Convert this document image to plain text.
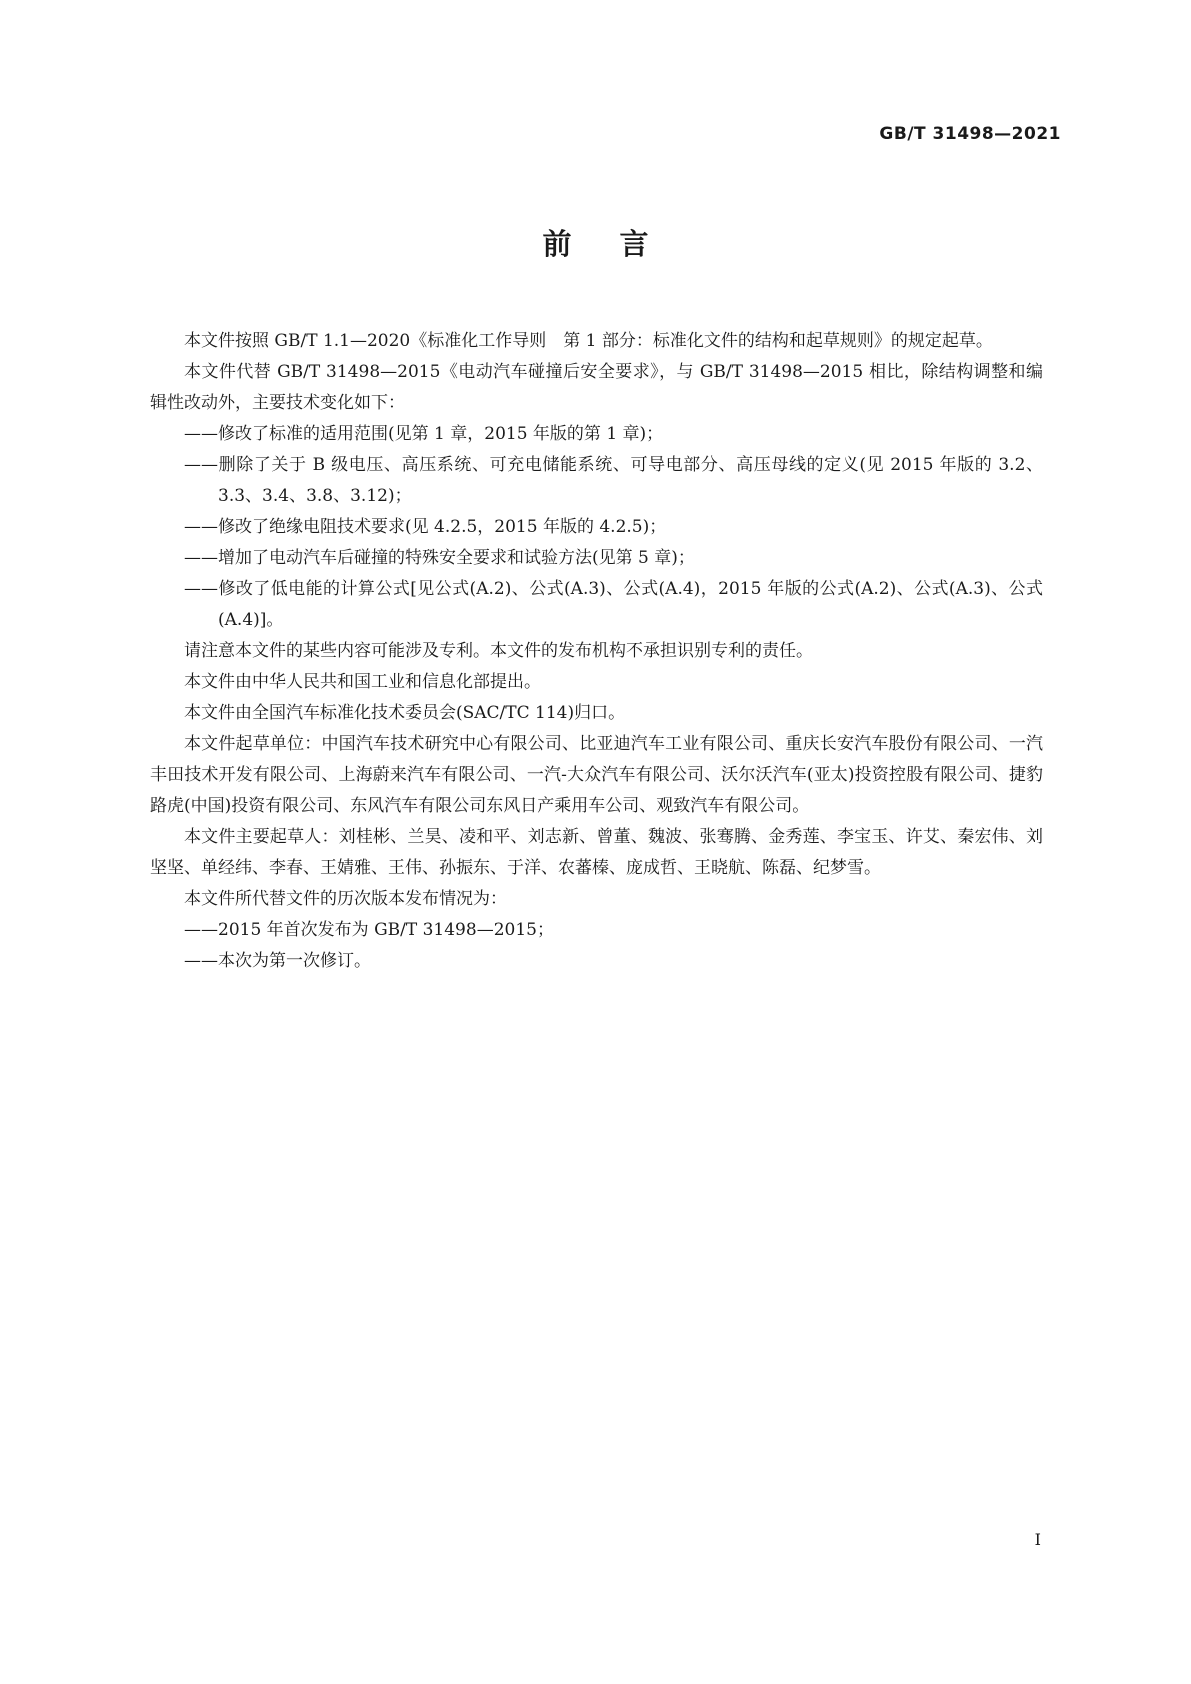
GB/T 31498—2021
前言

本文件按照 GB/T 1.1—2020《标准化工作导则　第 1 部分：标准化文件的结构和起草规则》的规定起草。

本文件代替 GB/T 31498—2015《电动汽车碰撞后安全要求》，与 GB/T 31498—2015 相比，除结构调整和编辑性改动外，主要技术变化如下：

——修改了标准的适用范围(见第 1 章，2015 年版的第 1 章)；

——删除了关于 B 级电压、高压系统、可充电储能系统、可导电部分、高压母线的定义(见 2015 年版的 3.2、3.3、3.4、3.8、3.12)；

——修改了绝缘电阻技术要求(见 4.2.5，2015 年版的 4.2.5)；

——增加了电动汽车后碰撞的特殊安全要求和试验方法(见第 5 章)；

——修改了低电能的计算公式[见公式(A.2)、公式(A.3)、公式(A.4)，2015 年版的公式(A.2)、公式(A.3)、公式(A.4)]。

请注意本文件的某些内容可能涉及专利。本文件的发布机构不承担识别专利的责任。

本文件由中华人民共和国工业和信息化部提出。

本文件由全国汽车标准化技术委员会(SAC/TC 114)归口。

本文件起草单位：中国汽车技术研究中心有限公司、比亚迪汽车工业有限公司、重庆长安汽车股份有限公司、一汽丰田技术开发有限公司、上海蔚来汽车有限公司、一汽-大众汽车有限公司、沃尔沃汽车(亚太)投资控股有限公司、捷豹路虎(中国)投资有限公司、东风汽车有限公司东风日产乘用车公司、观致汽车有限公司。

本文件主要起草人：刘桂彬、兰昊、凌和平、刘志新、曾董、魏波、张骞腾、金秀莲、李宝玉、许艾、秦宏伟、刘坚坚、单经纬、李春、王婧雅、王伟、孙振东、于洋、农蕃榛、庞成哲、王晓航、陈磊、纪梦雪。

本文件所代替文件的历次版本发布情况为：

——2015 年首次发布为 GB/T 31498—2015；

——本次为第一次修订。

I
